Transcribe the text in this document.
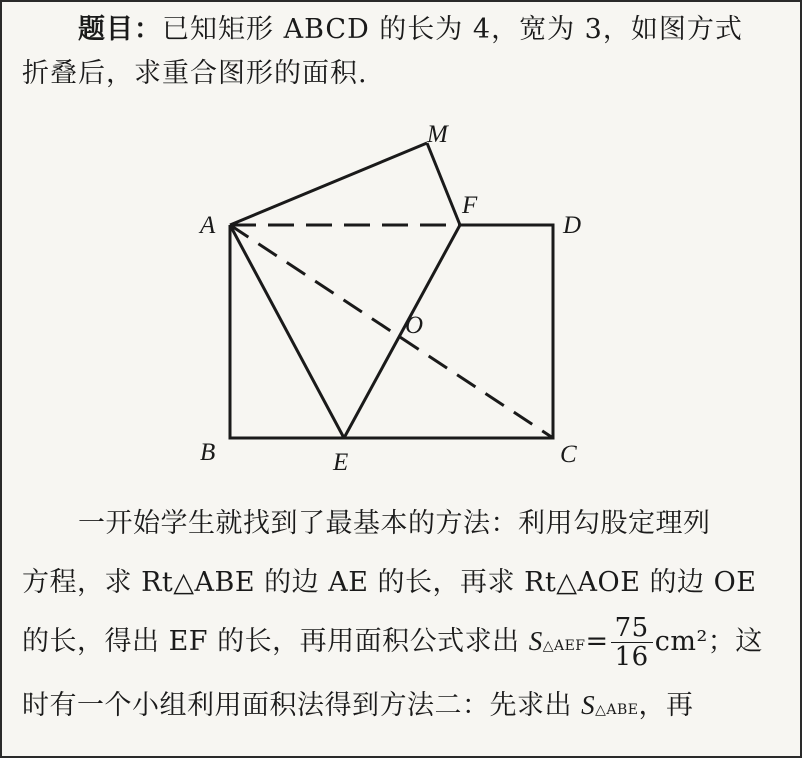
题目：已知矩形 ABCD 的长为 4，宽为 3，如图方式
折叠后，求重合图形的面积.
A
B	C
D
E
F
M
O
一开始学生就找到了最基本的方法：利用勾股定理列
方程，求 Rt△ABE 的边 AE 的长，再求 Rt△AOE 的边 OE
的长，得出 EF 的长，再用面积公式求出 S△AEF= $\frac{75}{16} cm^2$；这
时有一个小组利用面积法得到方法二：先求出 S△ABE，再
